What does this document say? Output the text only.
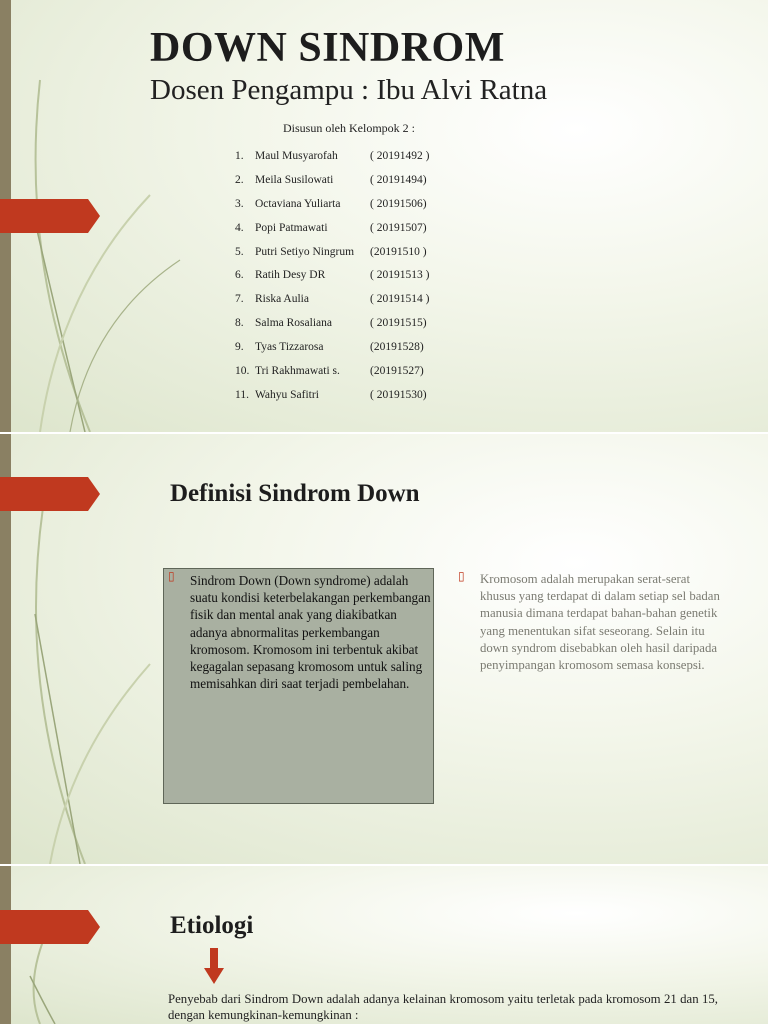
DOWN SINDROM
Dosen Pengampu : Ibu Alvi Ratna
Disusun oleh Kelompok 2 :
1. Maul Musyarofah	( 20191492 )
2. Meila Susilowati	( 20191494)
3. Octaviana Yuliarta	( 20191506)
4. Popi Patmawati	( 20191507)
5. Putri Setiyo Ningrum (20191510 )
6. Ratih Desy DR	( 20191513 )
7. Riska Aulia	( 20191514 )
8. Salma Rosaliana	( 20191515)
9. Tyas Tizzarosa	(20191528)
10. Tri Rakhmawati s.	(20191527)
11. Wahyu Safitri	( 20191530)
Definisi Sindrom Down
▯ Sindrom Down (Down syndrome) adalah suatu kondisi keterbelakangan perkembangan fisik dan mental anak yang diakibatkan adanya abnormalitas perkembangan kromosom. Kromosom ini terbentuk akibat kegagalan sepasang kromosom untuk saling memisahkan diri saat terjadi pembelahan.
▯ Kromosom adalah merupakan serat-serat khusus yang terdapat di dalam setiap sel badan manusia dimana terdapat bahan-bahan genetik yang menentukan sifat seseorang. Selain itu down syndrom disebabkan oleh hasil daripada penyimpangan kromosom semasa konsepsi.
Etiologi
Penyebab dari Sindrom Down adalah adanya kelainan kromosom yaitu terletak pada kromosom 21 dan 15, dengan kemungkinan-kemungkinan :
